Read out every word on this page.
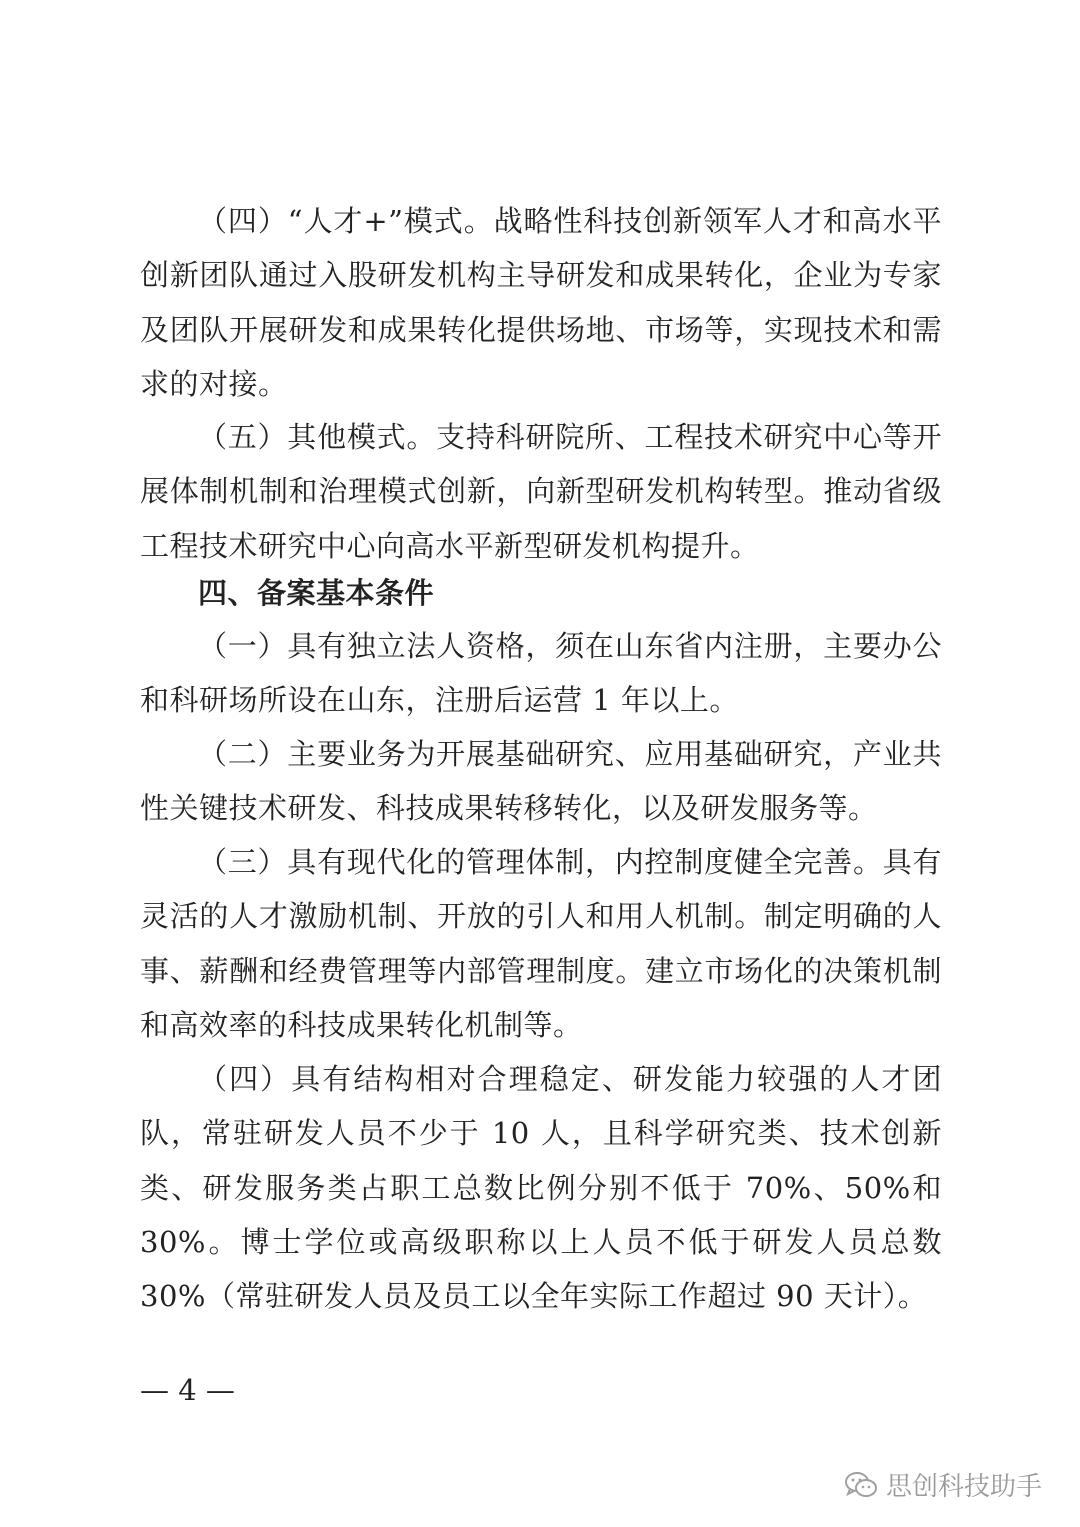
（四）“人才+”模式。战略性科技创新领军人才和高水平创新团队通过入股研发机构主导研发和成果转化，企业为专家及团队开展研发和成果转化提供场地、市场等，实现技术和需求的对接。

（五）其他模式。支持科研院所、工程技术研究中心等开展体制机制和治理模式创新，向新型研发机构转型。推动省级工程技术研究中心向高水平新型研发机构提升。

四、备案基本条件

（一）具有独立法人资格，须在山东省内注册，主要办公和科研场所设在山东，注册后运营 1 年以上。

（二）主要业务为开展基础研究、应用基础研究，产业共性关键技术研发、科技成果转移转化，以及研发服务等。

（三）具有现代化的管理体制，内控制度健全完善。具有灵活的人才激励机制、开放的引人和用人机制。制定明确的人事、薪酬和经费管理等内部管理制度。建立市场化的决策机制和高效率的科技成果转化机制等。

（四）具有结构相对合理稳定、研发能力较强的人才团队，常驻研发人员不少于 10 人，且科学研究类、技术创新类、研发服务类占职工总数比例分别不低于 70%、50%和 30%。博士学位或高级职称以上人员不低于研发人员总数 30%（常驻研发人员及员工以全年实际工作超过 90 天计）。

— 4 —
思创科技助手
